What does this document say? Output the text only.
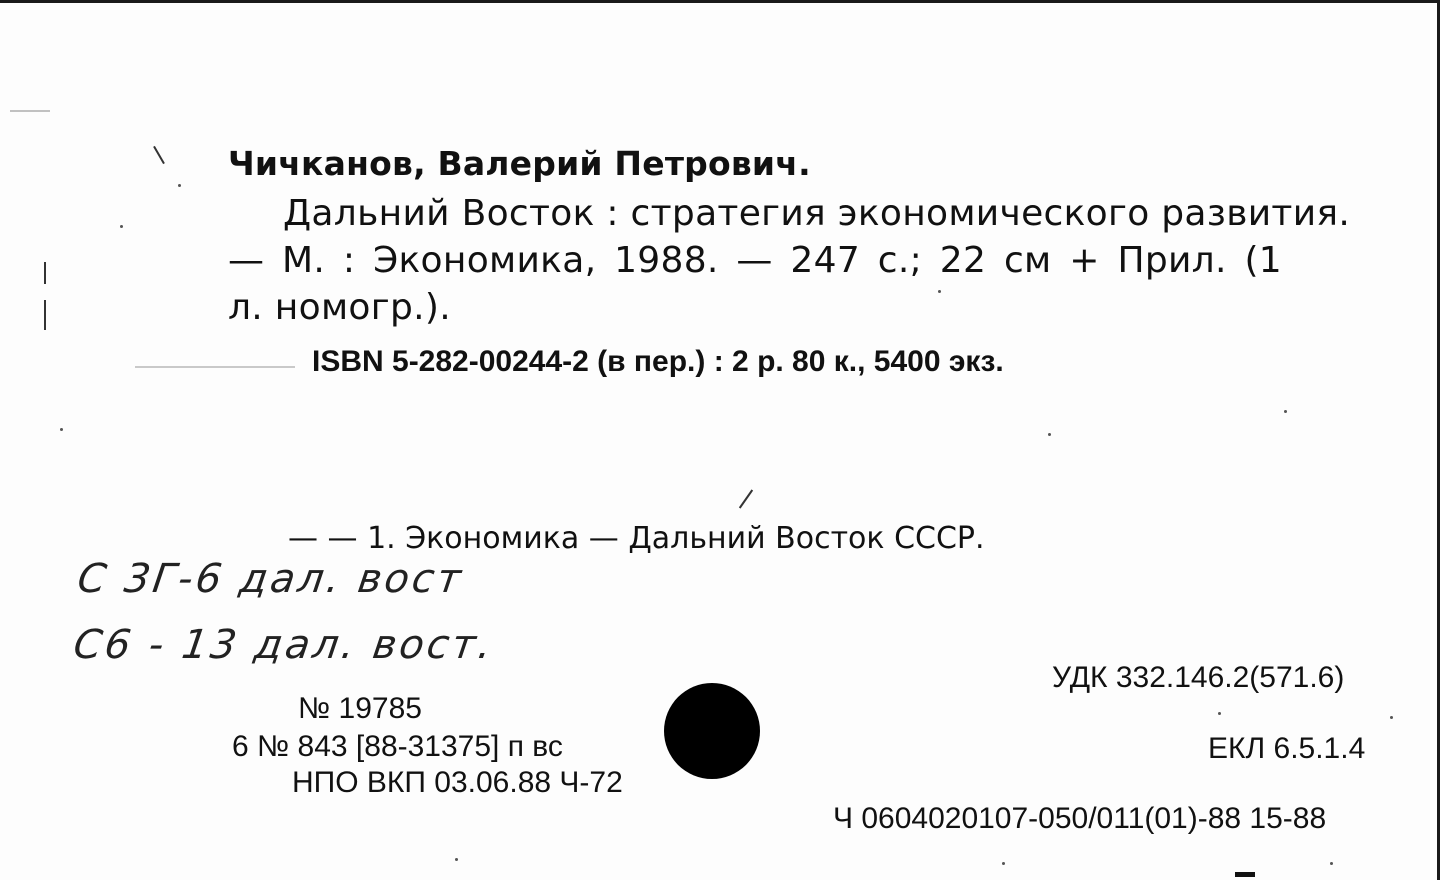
Чичканов, Валерий Петрович.
Дальний Восток : стратегия экономического развития.
— М. : Экономика, 1988. — 247 с.; 22 см + Прил. (1
л. номогр.).
ISBN 5-282-00244-2 (в пер.) : 2 р. 80 к., 5400 экз.
— — 1. Экономика — Дальний Восток СССР.
С 3Г-6 дал. вост
С6 - 13 дал. вост.
№ 19785
6 № 843 [88-31375] п вс
НПО ВКП 03.06.88 Ч-72
УДК 332.146.2(571.6)
ЕКЛ 6.5.1.4
Ч 0604020107-050/011(01)-88 15-88
